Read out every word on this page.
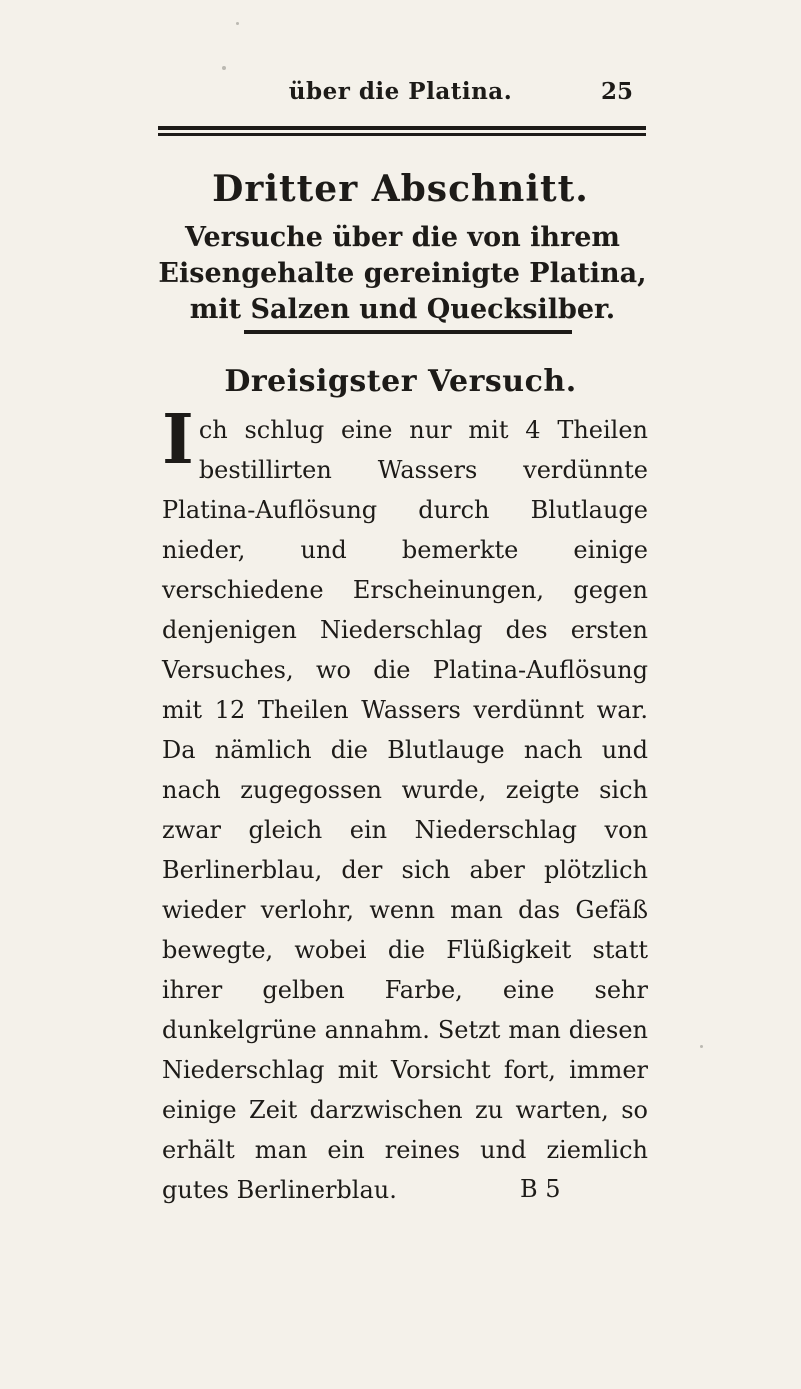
über die Platina.	25
Dritter Abschnitt.
Versuche über die von ihrem Eisengehalte gereinigte Platina, mit Salzen und Quecksilber.
Dreisigster Versuch.
Ich schlug eine nur mit 4 Theilen bestillirten Wassers verdünnte Platina-Auflösung durch Blutlauge nieder, und bemerkte einige verschiedene Erscheinungen, gegen denjenigen Niederschlag des ersten Versuches, wo die Platina-Auflösung mit 12 Theilen Wassers verdünnt war. Da nämlich die Blutlauge nach und nach zugegossen wurde, zeigte sich zwar gleich ein Niederschlag von Berlinerblau, der sich aber plötzlich wieder verlohr, wenn man das Gefäß bewegte, wobei die Flüßigkeit statt ihrer gelben Farbe, eine sehr dunkelgrüne annahm. Setzt man diesen Niederschlag mit Vorsicht fort, immer einige Zeit darzwischen zu warten, so erhält man ein reines und ziemlich gutes Berlinerblau.	B 5
